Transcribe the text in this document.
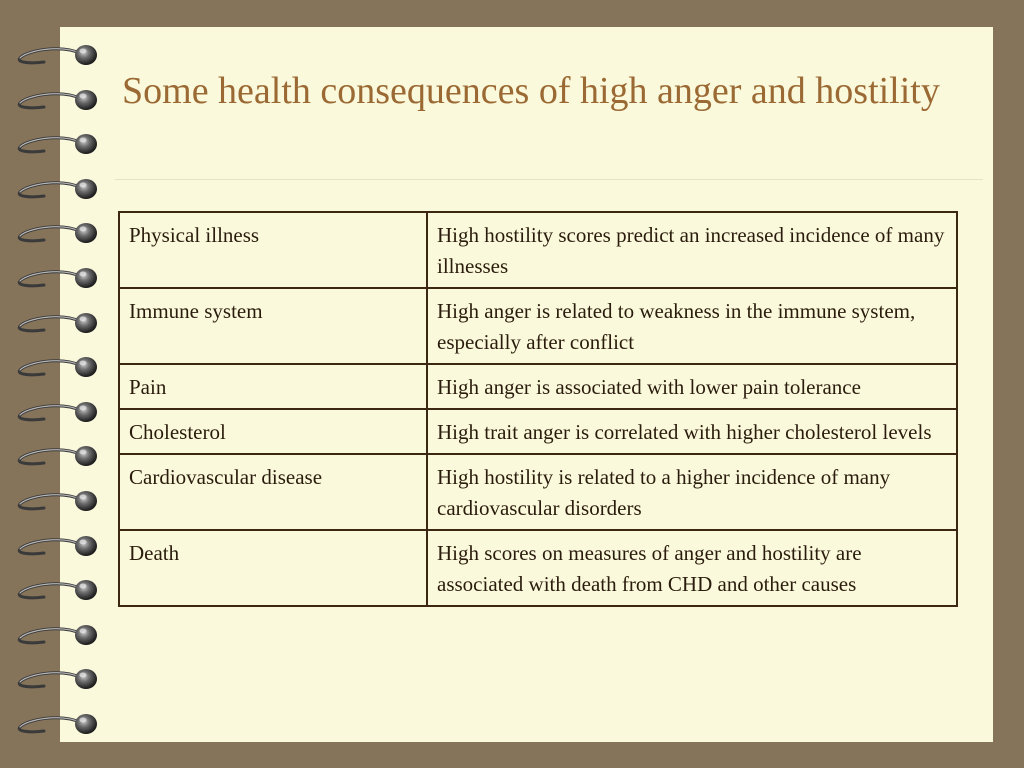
Some health consequences of high anger and hostility
Physical illness	High hostility scores predict an increased incidence of many illnesses
Immune system	High anger is related to weakness in the immune system, especially after conflict
Pain	High anger is associated with lower pain tolerance
Cholesterol	High trait anger is correlated with higher cholesterol levels
Cardiovascular disease	High hostility is related to a higher incidence of many cardiovascular disorders
Death	High scores on measures of anger and hostility are associated with death from CHD and other causes
